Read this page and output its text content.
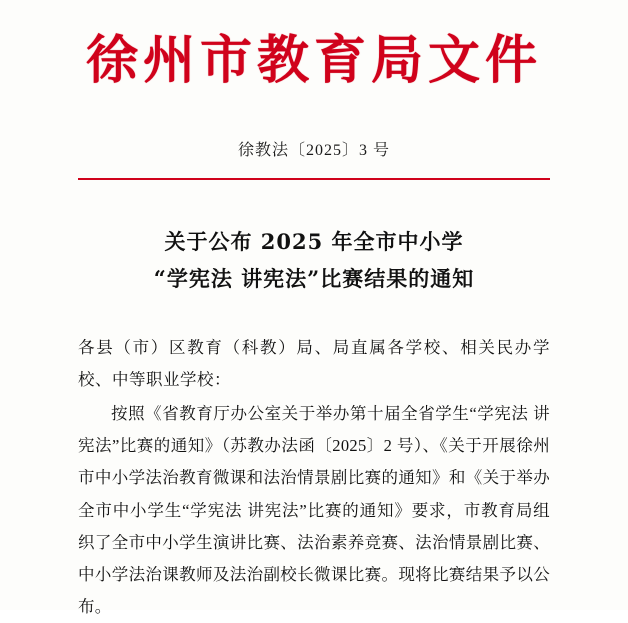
徐州市教育局文件
徐教法〔2025〕3 号
关于公布 2025 年全市中小学
“学宪法 讲宪法”比赛结果的通知
各县（市）区教育（科教）局、局直属各学校、相关民办学校、中等职业学校：
按照《省教育厅办公室关于举办第十届全省学生“学宪法 讲宪法”比赛的通知》（苏教办法函〔2025〕2 号）、《关于开展徐州市中小学法治教育微课和法治情景剧比赛的通知》和《关于举办全市中小学生“学宪法 讲宪法”比赛的通知》要求，市教育局组织了全市中小学生演讲比赛、法治素养竞赛、法治情景剧比赛、中小学法治课教师及法治副校长微课比赛。现将比赛结果予以公布。
